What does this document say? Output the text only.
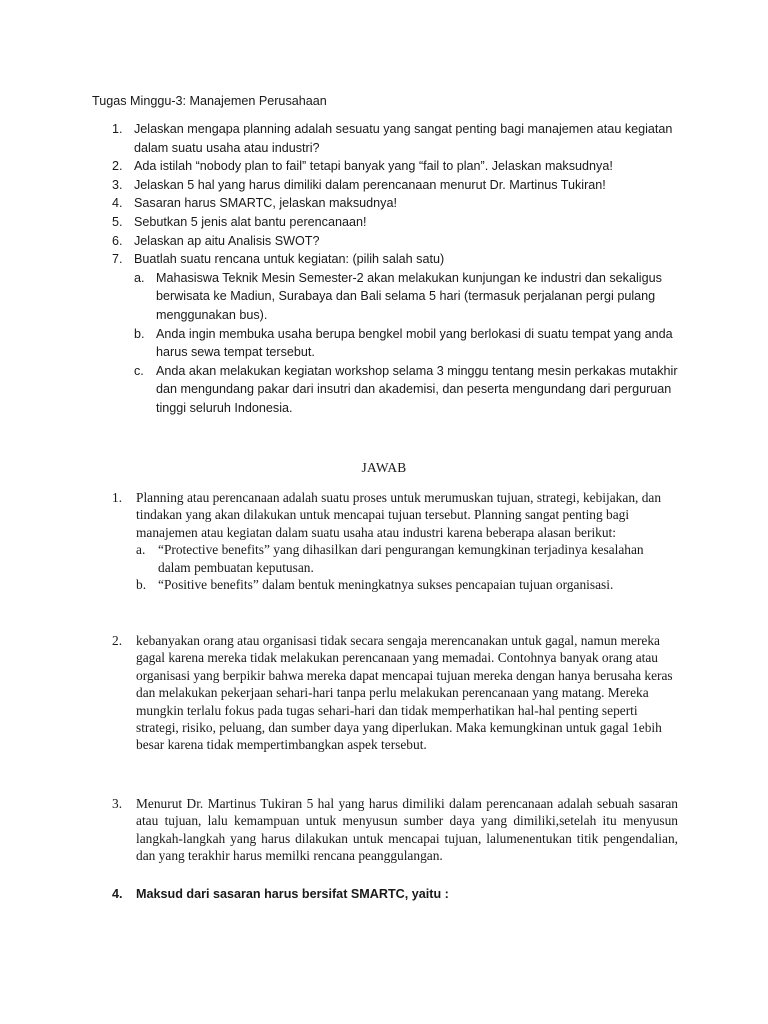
Tugas Minggu-3: Manajemen Perusahaan
1. Jelaskan mengapa planning adalah sesuatu yang sangat penting bagi manajemen atau kegiatan dalam suatu usaha atau industri?
2. Ada istilah “nobody plan to fail” tetapi banyak yang “fail to plan”. Jelaskan maksudnya!
3. Jelaskan 5 hal yang harus dimiliki dalam perencanaan menurut Dr. Martinus Tukiran!
4. Sasaran harus SMARTC, jelaskan maksudnya!
5. Sebutkan 5 jenis alat bantu perencanaan!
6. Jelaskan ap aitu Analisis SWOT?
7. Buatlah suatu rencana untuk kegiatan: (pilih salah satu)
a. Mahasiswa Teknik Mesin Semester-2 akan melakukan kunjungan ke industri dan sekaligus berwisata ke Madiun, Surabaya dan Bali selama 5 hari (termasuk perjalanan pergi pulang menggunakan bus).
b. Anda ingin membuka usaha berupa bengkel mobil yang berlokasi di suatu tempat yang anda harus sewa tempat tersebut.
c. Anda akan melakukan kegiatan workshop selama 3 minggu tentang mesin perkakas mutakhir dan mengundang pakar dari insutri dan akademisi, dan peserta mengundang dari perguruan tinggi seluruh Indonesia.
JAWAB
1.	Planning atau perencanaan adalah suatu proses untuk merumuskan tujuan, strategi, kebijakan, dan tindakan yang akan dilakukan untuk mencapai tujuan tersebut. Planning sangat penting bagi manajemen atau kegiatan dalam suatu usaha atau industri karena beberapa alasan berikut:
a. “Protective benefits” yang dihasilkan dari pengurangan kemungkinan terjadinya kesalahan dalam pembuatan keputusan.
b. “Positive benefits” dalam bentuk meningkatnya sukses pencapaian tujuan organisasi.
2.	kebanyakan orang atau organisasi tidak secara sengaja merencanakan untuk gagal, namun mereka gagal karena mereka tidak melakukan perencanaan yang memadai. Contohnya banyak orang atau organisasi yang berpikir bahwa mereka dapat mencapai tujuan mereka dengan hanya berusaha keras dan melakukan pekerjaan sehari-hari tanpa perlu melakukan perencanaan yang matang. Mereka mungkin terlalu fokus pada tugas sehari-hari dan tidak memperhatikan hal-hal penting seperti strategi, risiko, peluang, dan sumber daya yang diperlukan. Maka kemungkinan untuk gagal 1ebih besar karena tidak mempertimbangkan aspek tersebut.
3.	Menurut Dr. Martinus Tukiran 5 hal yang harus dimiliki dalam perencanaan adalah sebuah sasaran atau tujuan, lalu kemampuan untuk menyusun sumber daya yang dimiliki,setelah itu menyusun langkah-langkah yang harus dilakukan untuk mencapai tujuan, lalumenentukan titik pengendalian, dan yang terakhir harus memilki rencana peanggulangan.
4. Maksud dari sasaran harus bersifat SMARTC, yaitu :
